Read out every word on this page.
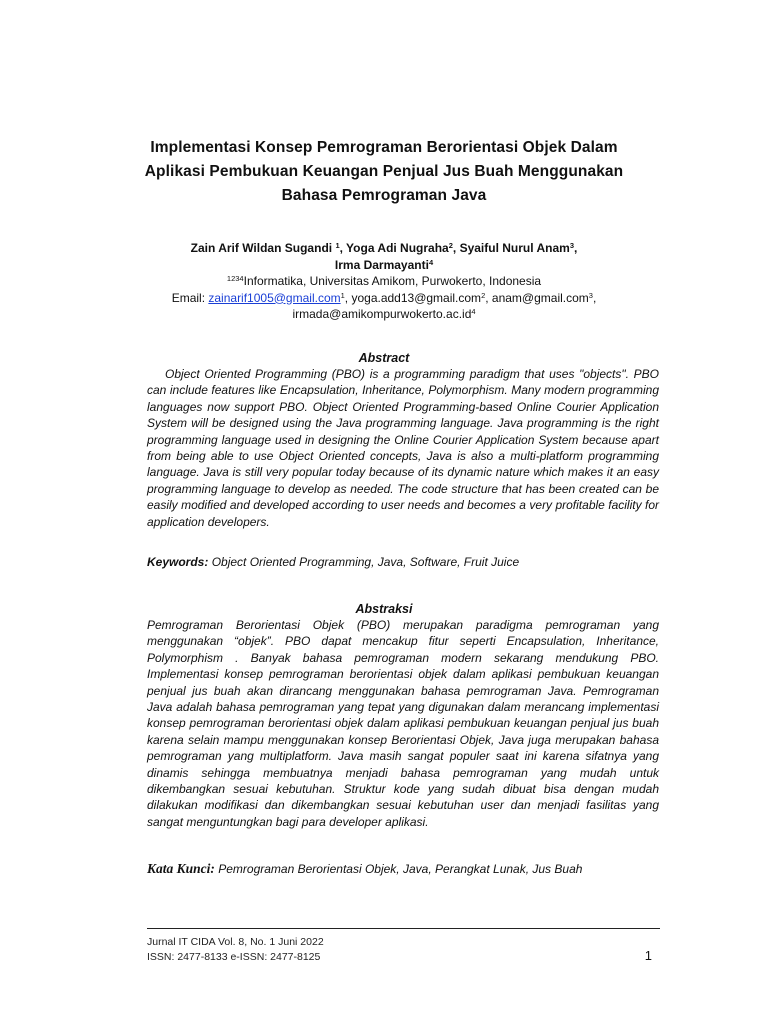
Implementasi Konsep Pemrograman Berorientasi Objek Dalam
Aplikasi Pembukuan Keuangan Penjual Jus Buah Menggunakan
Bahasa Pemrograman Java
Zain Arif Wildan Sugandi $^1$, Yoga Adi Nugraha$^2$, Syaiful Nurul Anam$^3$,
Irma Darmayanti$^4$
$^{1234}$Informatika, Universitas Amikom, Purwokerto, Indonesia
Email: zainarif1005@gmail.com$^1$, yoga.add13@gmail.com$^2$, anam@gmail.com$^3$,
$irmada@amikompurwokerto.ac.id^4$
Abstract
Object Oriented Programming (PBO) is a programming paradigm that uses "objects". PBO can include features like Encapsulation, Inheritance, Polymorphism. Many modern programming languages now support PBO. Object Oriented Programming-based Online Courier Application System will be designed using the Java programming language. Java programming is the right programming language used in designing the Online Courier Application System because apart from being able to use Object Oriented concepts, Java is also a multi-platform programming language. Java is still very popular today because of its dynamic nature which makes it an easy programming language to develop as needed. The code structure that has been created can be easily modified and developed according to user needs and becomes a very profitable facility for application developers.
Keywords: Object Oriented Programming, Java, Software, Fruit Juice
Abstraksi
Pemrograman Berorientasi Objek (PBO) merupakan paradigma pemrograman yang menggunakan “objek”. PBO dapat mencakup fitur seperti Encapsulation, Inheritance, Polymorphism . Banyak bahasa pemrograman modern sekarang mendukung PBO. Implementasi konsep pemrograman berorientasi objek dalam aplikasi pembukuan keuangan penjual jus buah akan dirancang menggunakan bahasa pemrograman Java. Pemrograman Java adalah bahasa pemrograman yang tepat yang digunakan dalam merancang implementasi konsep pemrograman berorientasi objek dalam aplikasi pembukuan keuangan penjual jus buah karena selain mampu menggunakan konsep Berorientasi Objek, Java juga merupakan bahasa pemrograman yang multiplatform. Java masih sangat populer saat ini karena sifatnya yang dinamis sehingga membuatnya menjadi bahasa pemrograman yang mudah untuk dikembangkan sesuai kebutuhan. Struktur kode yang sudah dibuat bisa dengan mudah dilakukan modifikasi dan dikembangkan sesuai kebutuhan user dan menjadi fasilitas yang sangat menguntungkan bagi para developer aplikasi.
Kata Kunci: Pemrograman Berorientasi Objek, Java, Perangkat Lunak, Jus Buah
Jurnal IT CIDA Vol. 8, No. 1 Juni 2022
ISSN: 2477-8133 e-ISSN: 2477-8125	1
